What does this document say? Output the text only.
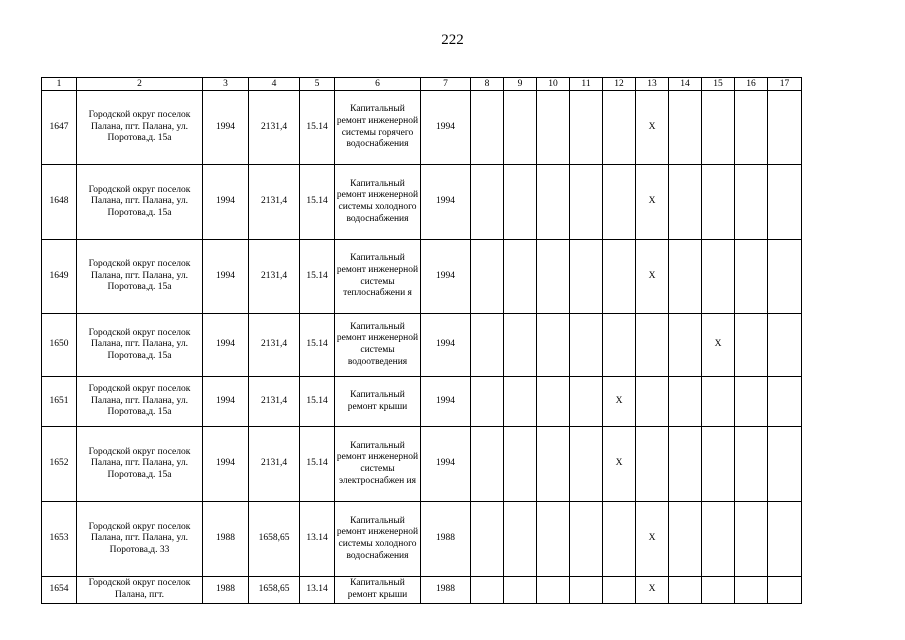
222
1	2	3	4	5	6	7	8	9	10	11	12	13	14	15	16	17
1647	Городской округ поселок Палана, пгт. Палана, ул. Поротова,д. 15а	1994	2131,4	15.14	Капитальный ремонт инженерной системы горячего водоснабжения	1994						X				
1648	Городской округ поселок Палана, пгт. Палана, ул. Поротова,д. 15а	1994	2131,4	15.14	Капитальный ремонт инженерной системы холодного водоснабжения	1994						X				
1649	Городской округ поселок Палана, пгт. Палана, ул. Поротова,д. 15а	1994	2131,4	15.14	Капитальный ремонт инженерной системы теплоснабжени я	1994						X				
1650	Городской округ поселок Палана, пгт. Палана, ул. Поротова,д. 15а	1994	2131,4	15.14	Капитальный ремонт инженерной системы водоотведения	1994								X		
1651	Городской округ поселок Палана, пгт. Палана, ул. Поротова,д. 15а	1994	2131,4	15.14	Капитальный ремонт крыши	1994					X					
1652	Городской округ поселок Палана, пгт. Палана, ул. Поротова,д. 15а	1994	2131,4	15.14	Капитальный ремонт инженерной системы электроснабжен ия	1994					X					
1653	Городской округ поселок Палана, пгт. Палана, ул. Поротова,д. 33	1988	1658,65	13.14	Капитальный ремонт инженерной системы холодного водоснабжения	1988						X				
1654	Городской округ поселок Палана, пгт.	1988	1658,65	13.14	Капитальный ремонт крыши	1988						X				
